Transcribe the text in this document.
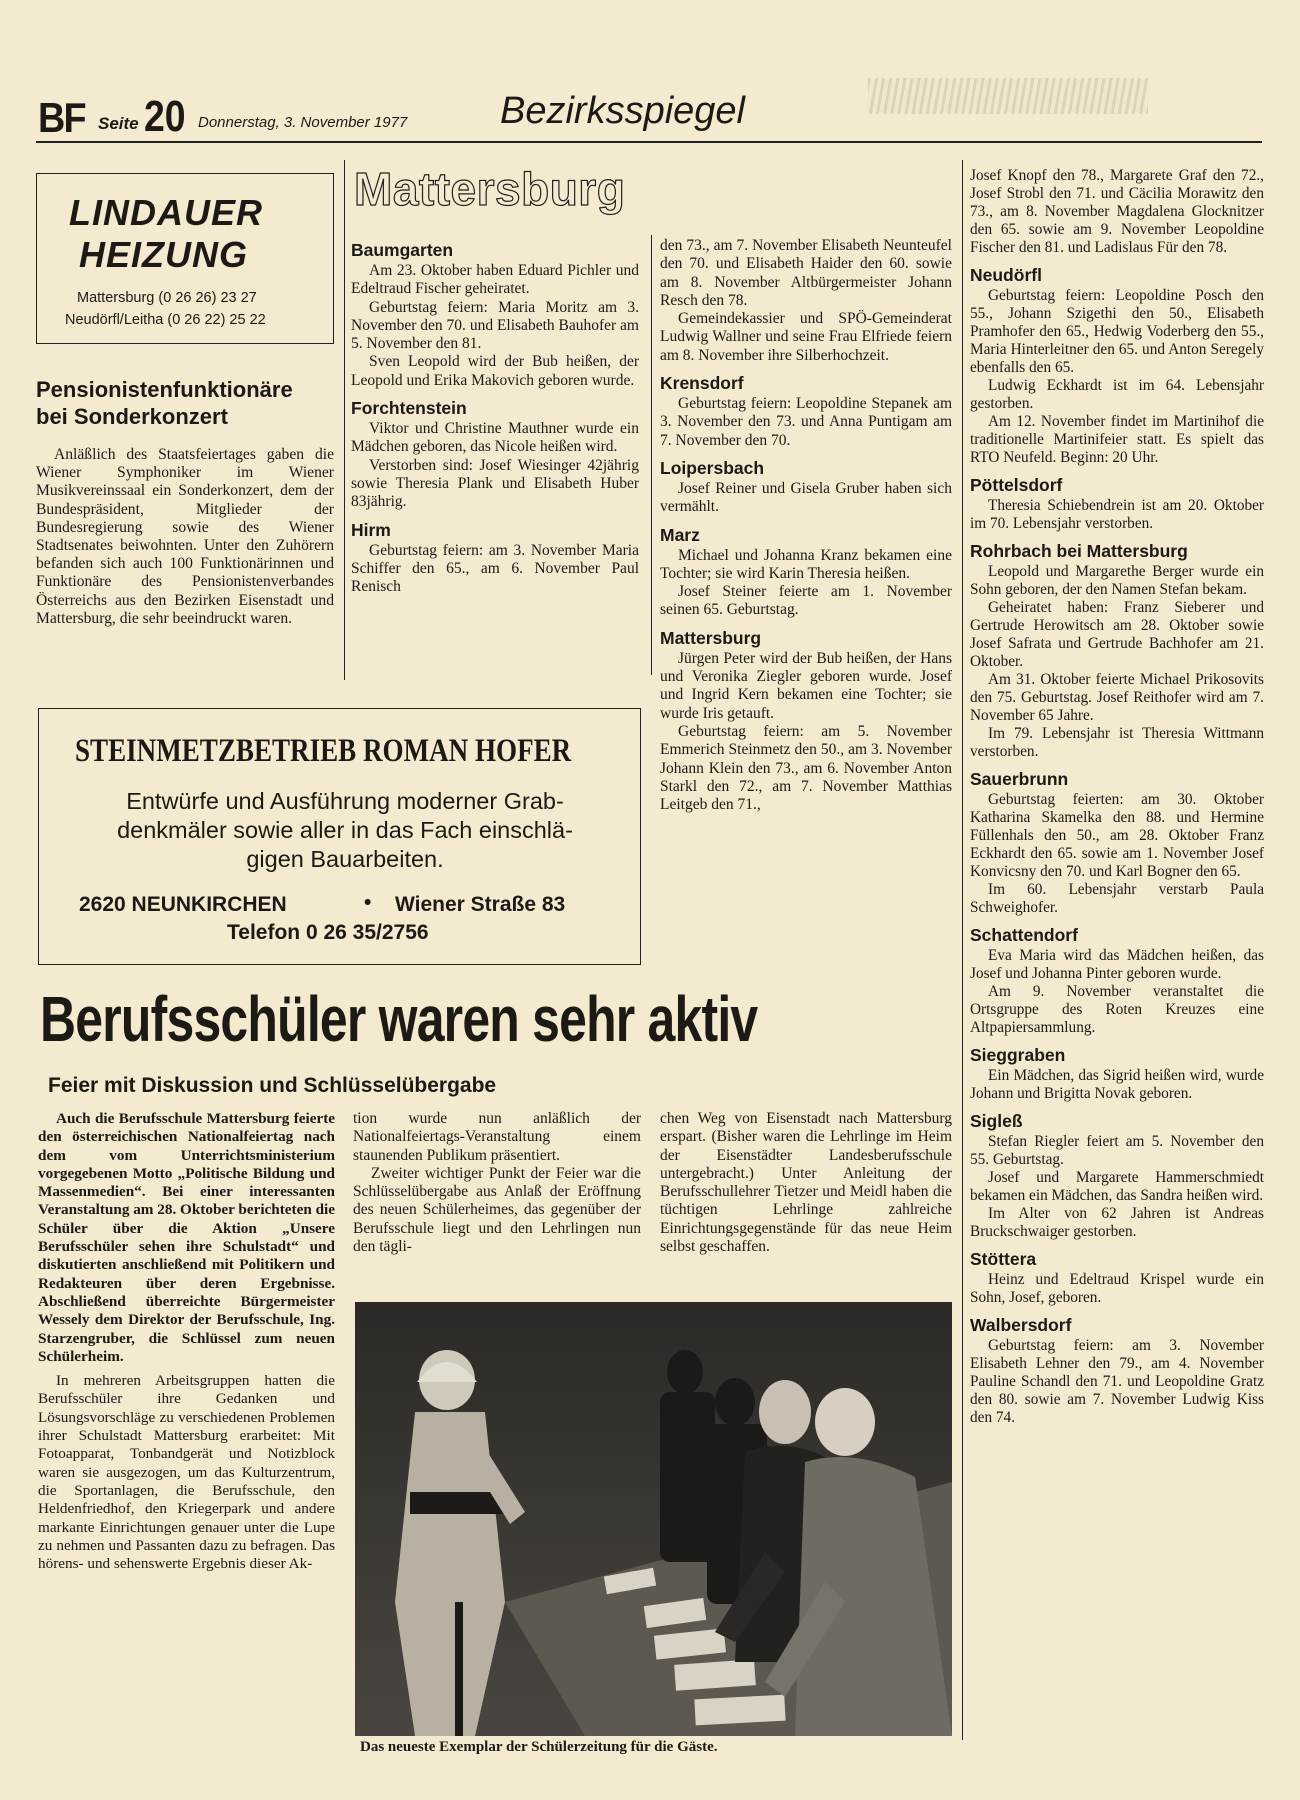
BF Seite 20 Donnerstag, 3. November 1977 Bezirksspiegel
LINDAUER
HEIZUNG
Mattersburg (0 26 26) 23 27
Neudörfl/Leitha (0 26 22) 25 22
Pensionistenfunktionäre
bei Sonderkonzert

Anläßlich des Staatsfeiertages gaben die Wiener Symphoniker im Wiener Musikvereinssaal ein Sonderkonzert, dem der Bundespräsident, Mitglieder der Bundesregierung sowie des Wiener Stadtsenates beiwohnten. Unter den Zuhörern befanden sich auch 100 Funktionärinnen und Funktionäre des Pensionistenverbandes Österreichs aus den Bezirken Eisenstadt und Mattersburg, die sehr beeindruckt waren.

Mattersburg
Baumgarten

Am 23. Oktober haben Eduard Pichler und Edeltraud Fischer geheiratet.

Geburtstag feiern: Maria Moritz am 3. November den 70. und Elisabeth Bauhofer am 5. November den 81.

Sven Leopold wird der Bub heißen, der Leopold und Erika Makovich geboren wurde.

Forchtenstein

Viktor und Christine Mauthner wurde ein Mädchen geboren, das Nicole heißen wird.

Verstorben sind: Josef Wiesinger 42jährig sowie Theresia Plank und Elisabeth Huber 83jährig.

Hirm

Geburtstag feiern: am 3. November Maria Schiffer den 65., am 6. November Paul Renisch

den 73., am 7. November Elisabeth Neunteufel den 70. und Elisabeth Haider den 60. sowie am 8. November Altbürgermeister Johann Resch den 78.

Gemeindekassier und SPÖ-Gemeinderat Ludwig Wallner und seine Frau Elfriede feiern am 8. November ihre Silberhochzeit.

Krensdorf

Geburtstag feiern: Leopoldine Stepanek am 3. November den 73. und Anna Puntigam am 7. November den 70.

Loipersbach

Josef Reiner und Gisela Gruber haben sich vermählt.

Marz

Michael und Johanna Kranz bekamen eine Tochter; sie wird Karin Theresia heißen.

Josef Steiner feierte am 1. November seinen 65. Geburtstag.

Mattersburg

Jürgen Peter wird der Bub heißen, der Hans und Veronika Ziegler geboren wurde. Josef und Ingrid Kern bekamen eine Tochter; sie wurde Iris getauft.

Geburtstag feiern: am 5. November Emmerich Steinmetz den 50., am 3. November Johann Klein den 73., am 6. November Anton Starkl den 72., am 7. November Matthias Leitgeb den 71.,

Josef Knopf den 78., Margarete Graf den 72., Josef Strobl den 71. und Cäcilia Morawitz den 73., am 8. November Magdalena Glocknitzer den 65. sowie am 9. November Leopoldine Fischer den 81. und Ladislaus Für den 78.

Neudörfl

Geburtstag feiern: Leopoldine Posch den 55., Johann Szigethi den 50., Elisabeth Pramhofer den 65., Hedwig Voderberg den 55., Maria Hinterleitner den 65. und Anton Seregely ebenfalls den 65.

Ludwig Eckhardt ist im 64. Lebensjahr gestorben.

Am 12. November findet im Martinihof die traditionelle Martinifeier statt. Es spielt das RTO Neufeld. Beginn: 20 Uhr.

Pöttelsdorf

Theresia Schiebendrein ist am 20. Oktober im 70. Lebensjahr verstorben.

Rohrbach bei Mattersburg

Leopold und Margarethe Berger wurde ein Sohn geboren, der den Namen Stefan bekam.

Geheiratet haben: Franz Sieberer und Gertrude Herowitsch am 28. Oktober sowie Josef Safrata und Gertrude Bachhofer am 21. Oktober.

Am 31. Oktober feierte Michael Prikosovits den 75. Geburtstag. Josef Reithofer wird am 7. November 65 Jahre.

Im 79. Lebensjahr ist Theresia Wittmann verstorben.

Sauerbrunn

Geburtstag feierten: am 30. Oktober Katharina Skamelka den 88. und Hermine Füllenhals den 50., am 28. Oktober Franz Eckhardt den 65. sowie am 1. November Josef Konvicsny den 70. und Karl Bogner den 65.

Im 60. Lebensjahr verstarb Paula Schweighofer.

Schattendorf

Eva Maria wird das Mädchen heißen, das Josef und Johanna Pinter geboren wurde.

Am 9. November veranstaltet die Ortsgruppe des Roten Kreuzes eine Altpapiersammlung.

Sieggraben

Ein Mädchen, das Sigrid heißen wird, wurde Johann und Brigitta Novak geboren.

Sigleß

Stefan Riegler feiert am 5. November den 55. Geburtstag.

Josef und Margarete Hammerschmiedt bekamen ein Mädchen, das Sandra heißen wird.

Im Alter von 62 Jahren ist Andreas Bruckschwaiger gestorben.

Stöttera

Heinz und Edeltraud Krispel wurde ein Sohn, Josef, geboren.

Walbersdorf

Geburtstag feiern: am 3. November Elisabeth Lehner den 79., am 4. November Pauline Schandl den 71. und Leopoldine Gratz den 80. sowie am 7. November Ludwig Kiss den 74.

STEINMETZBETRIEB ROMAN HOFER
Entwürfe und Ausführung moderner Grab-
denkmäler sowie aller in das Fach einschlä-
gigen Bauarbeiten.
2620 NEUNKIRCHEN	• Wiener Straße 83
Telefon 0 26 35/2756
Berufsschüler waren sehr aktiv
Feier mit Diskussion und Schlüsselübergabe

Auch die Berufsschule Mattersburg feierte den österreichischen Nationalfeiertag nach dem vom Unterrichtsministerium vorgegebenen Motto „Politische Bildung und Massenmedien“. Bei einer interessanten Veranstaltung am 28. Oktober berichteten die Schüler über die Aktion „Unsere Berufsschüler sehen ihre Schulstadt“ und diskutierten anschließend mit Politikern und Redakteuren über deren Ergebnisse. Abschließend überreichte Bürgermeister Wessely dem Direktor der Berufsschule, Ing. Starzengruber, die Schlüssel zum neuen Schülerheim.

In mehreren Arbeitsgruppen hatten die Berufsschüler ihre Gedanken und Lösungsvorschläge zu verschiedenen Problemen ihrer Schulstadt Mattersburg erarbeitet: Mit Fotoapparat, Tonbandgerät und Notizblock waren sie ausgezogen, um das Kulturzentrum, die Sportanlagen, die Berufsschule, den Heldenfriedhof, den Kriegerpark und andere markante Einrichtungen genauer unter die Lupe zu nehmen und Passanten dazu zu befragen. Das hörens- und sehenswerte Ergebnis dieser Ak-

tion wurde nun anläßlich der Nationalfeiertags-Veranstaltung einem staunenden Publikum präsentiert.

Zweiter wichtiger Punkt der Feier war die Schlüsselübergabe aus Anlaß der Eröffnung des neuen Schülerheimes, das gegenüber der Berufsschule liegt und den Lehrlingen nun den tägli-

chen Weg von Eisenstadt nach Mattersburg erspart. (Bisher waren die Lehrlinge im Heim der Eisenstädter Landesberufsschule untergebracht.) Unter Anleitung der Berufsschullehrer Tietzer und Meidl haben die tüchtigen Lehrlinge zahlreiche Einrichtungsgegenstände für das neue Heim selbst geschaffen.

Das neueste Exemplar der Schülerzeitung für die Gäste.
